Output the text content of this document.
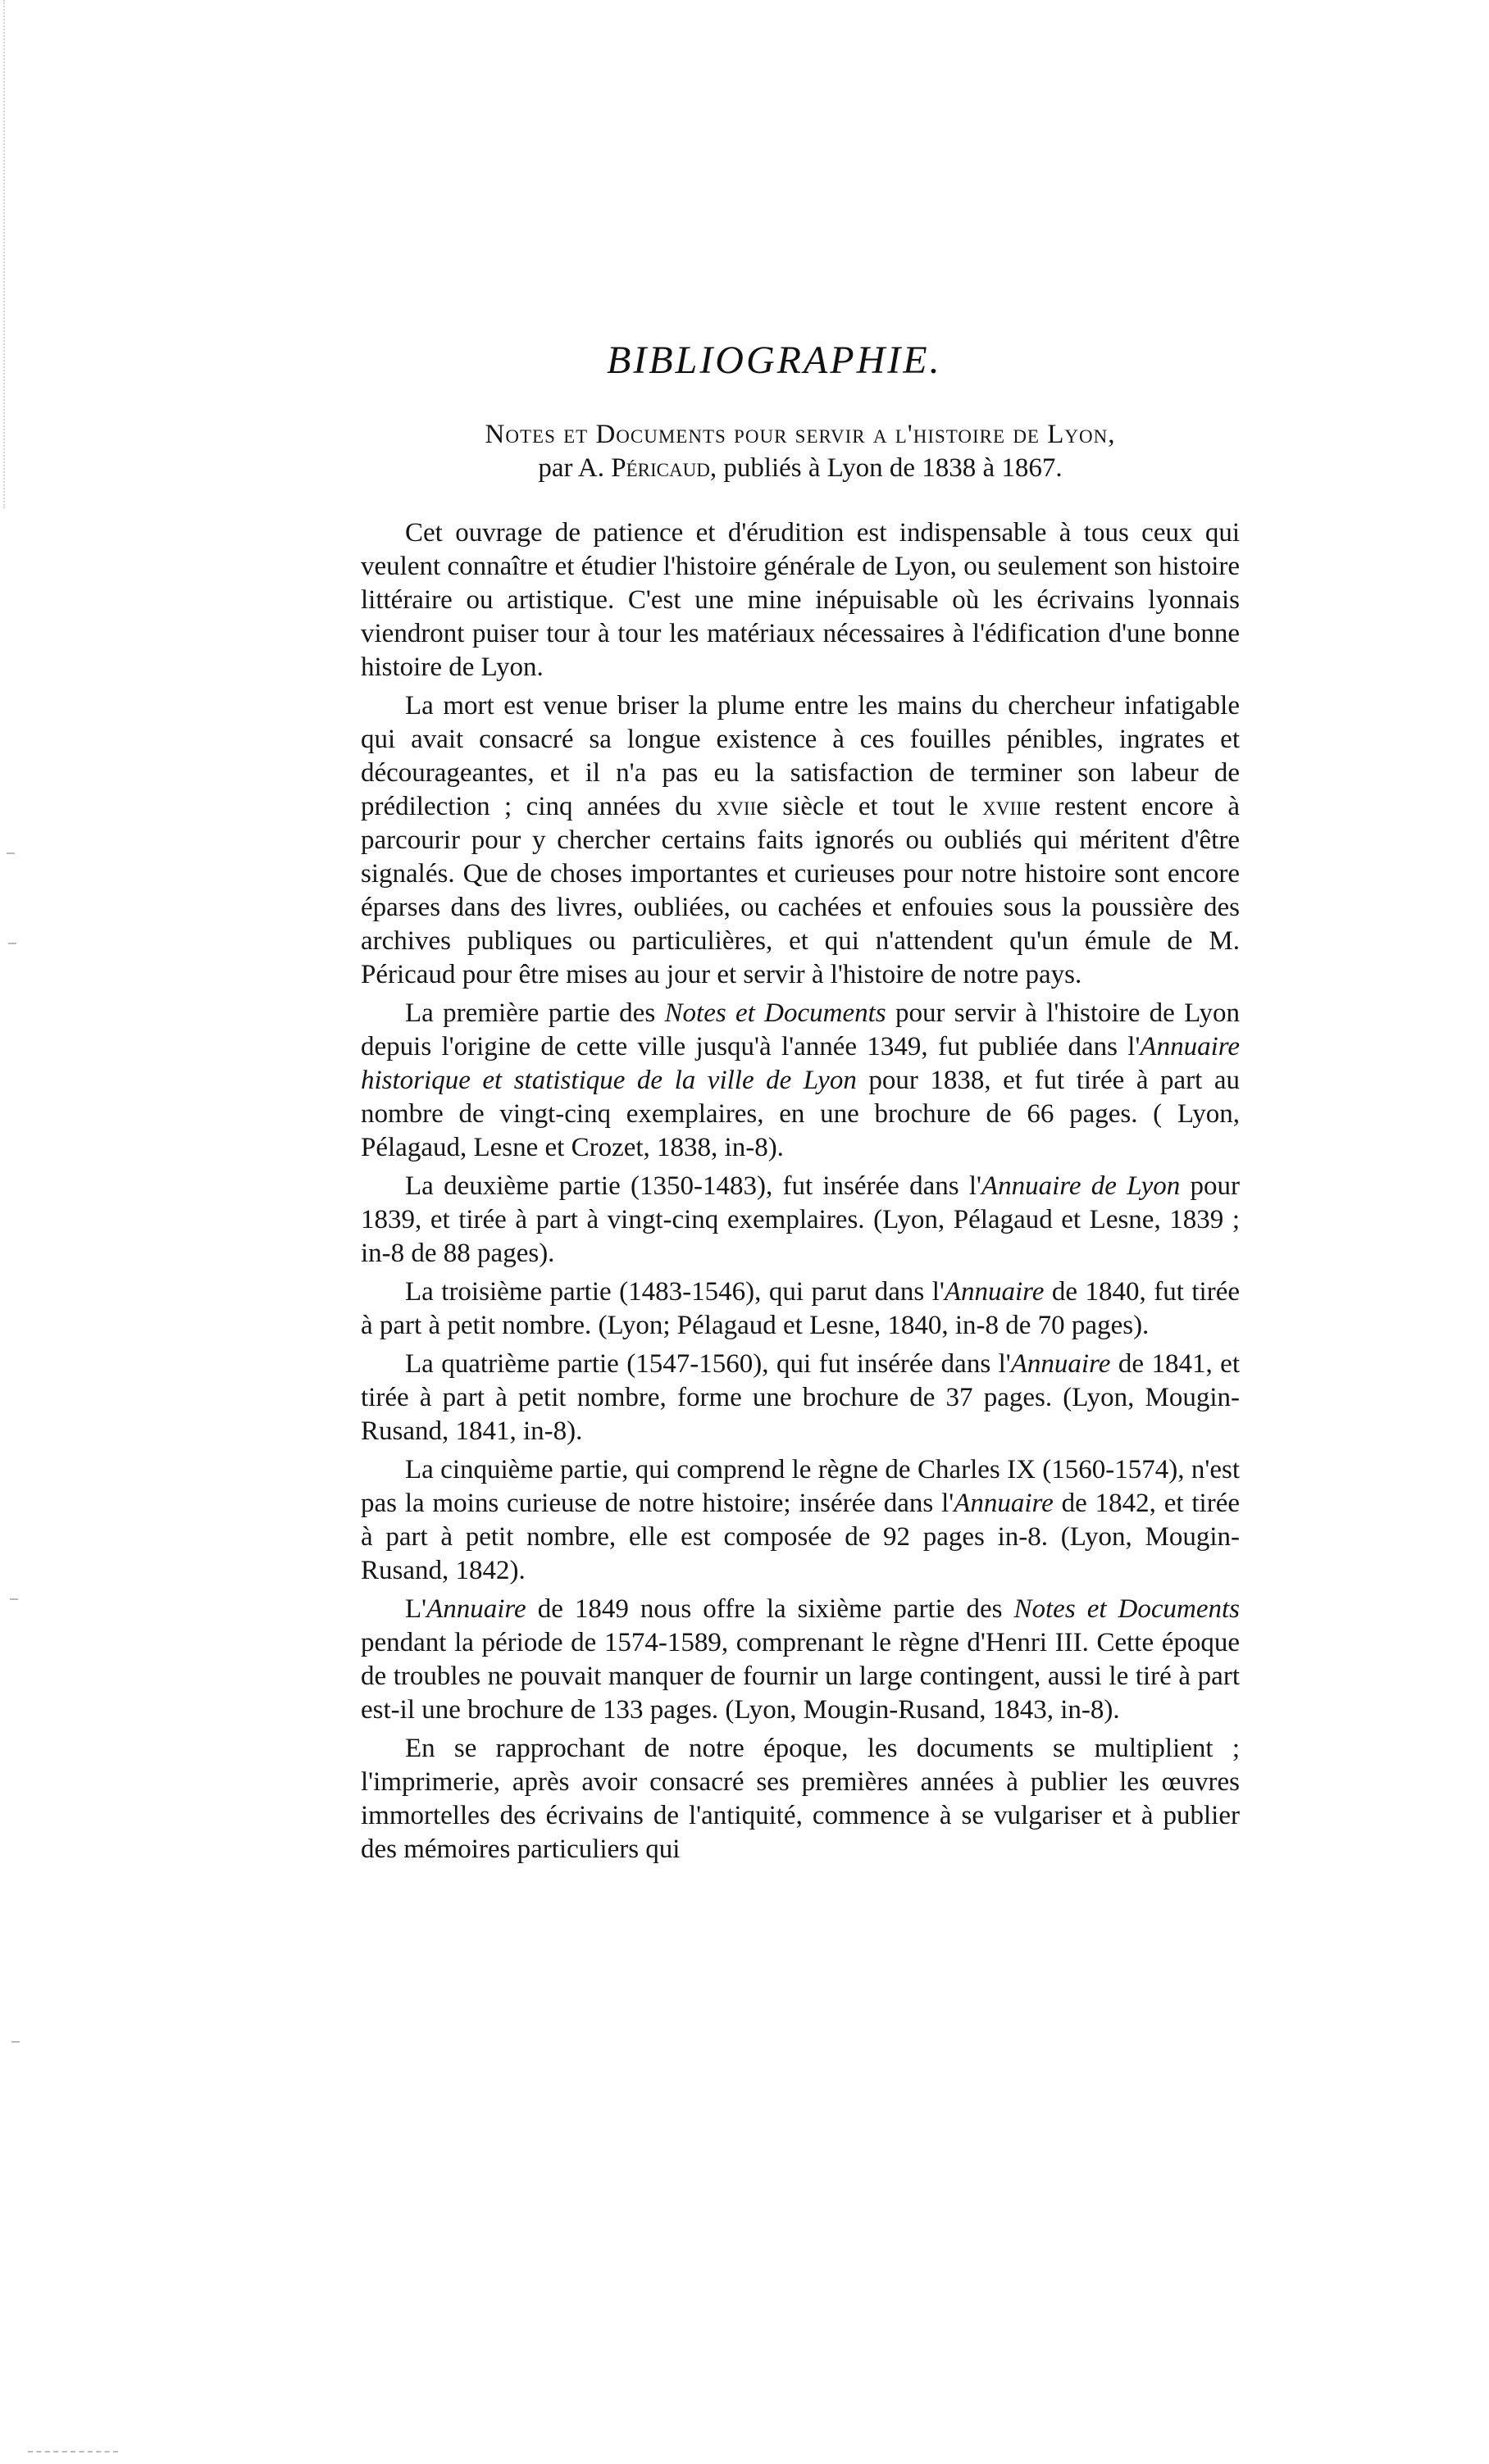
BIBLIOGRAPHIE.
Notes et Documents pour servir a l'histoire de Lyon,
par A. Péricaud, publiés à Lyon de 1838 à 1867.

Cet ouvrage de patience et d'érudition est indispensable à tous ceux qui veulent connaître et étudier l'histoire générale de Lyon, ou seulement son histoire littéraire ou artistique. C'est une mine inépuisable où les écrivains lyonnais viendront puiser tour à tour les matériaux nécessaires à l'édification d'une bonne histoire de Lyon.

La mort est venue briser la plume entre les mains du chercheur infatigable qui avait consacré sa longue existence à ces fouilles pénibles, ingrates et décourageantes, et il n'a pas eu la satisfaction de terminer son labeur de prédilection ; cinq années du xviie siècle et tout le xviiie restent encore à parcourir pour y chercher certains faits ignorés ou oubliés qui méritent d'être signalés. Que de choses importantes et curieuses pour notre histoire sont encore éparses dans des livres, oubliées, ou cachées et enfouies sous la poussière des archives publiques ou particulières, et qui n'attendent qu'un émule de M. Péricaud pour être mises au jour et servir à l'histoire de notre pays.

La première partie des Notes et Documents pour servir à l'histoire de Lyon depuis l'origine de cette ville jusqu'à l'année 1349, fut publiée dans l'Annuaire historique et statistique de la ville de Lyon pour 1838, et fut tirée à part au nombre de vingt-cinq exemplaires, en une brochure de 66 pages. ( Lyon, Pélagaud, Lesne et Crozet, 1838, in-8).

La deuxième partie (1350-1483), fut insérée dans l'Annuaire de Lyon pour 1839, et tirée à part à vingt-cinq exemplaires. (Lyon, Pélagaud et Lesne, 1839 ; in-8 de 88 pages).

La troisième partie (1483-1546), qui parut dans l'Annuaire de 1840, fut tirée à part à petit nombre. (Lyon; Pélagaud et Lesne, 1840, in-8 de 70 pages).

La quatrième partie (1547-1560), qui fut insérée dans l'Annuaire de 1841, et tirée à part à petit nombre, forme une brochure de 37 pages. (Lyon, Mougin-Rusand, 1841, in-8).

La cinquième partie, qui comprend le règne de Charles IX (1560-1574), n'est pas la moins curieuse de notre histoire; insérée dans l'Annuaire de 1842, et tirée à part à petit nombre, elle est composée de 92 pages in-8. (Lyon, Mougin-Rusand, 1842).

L'Annuaire de 1849 nous offre la sixième partie des Notes et Documents pendant la période de 1574-1589, comprenant le règne d'Henri III. Cette époque de troubles ne pouvait manquer de fournir un large contingent, aussi le tiré à part est-il une brochure de 133 pages. (Lyon, Mougin-Rusand, 1843, in-8).

En se rapprochant de notre époque, les documents se multiplient ; l'imprimerie, après avoir consacré ses premières années à publier les œuvres immortelles des écrivains de l'antiquité, commence à se vulgariser et à publier des mémoires particuliers qui
